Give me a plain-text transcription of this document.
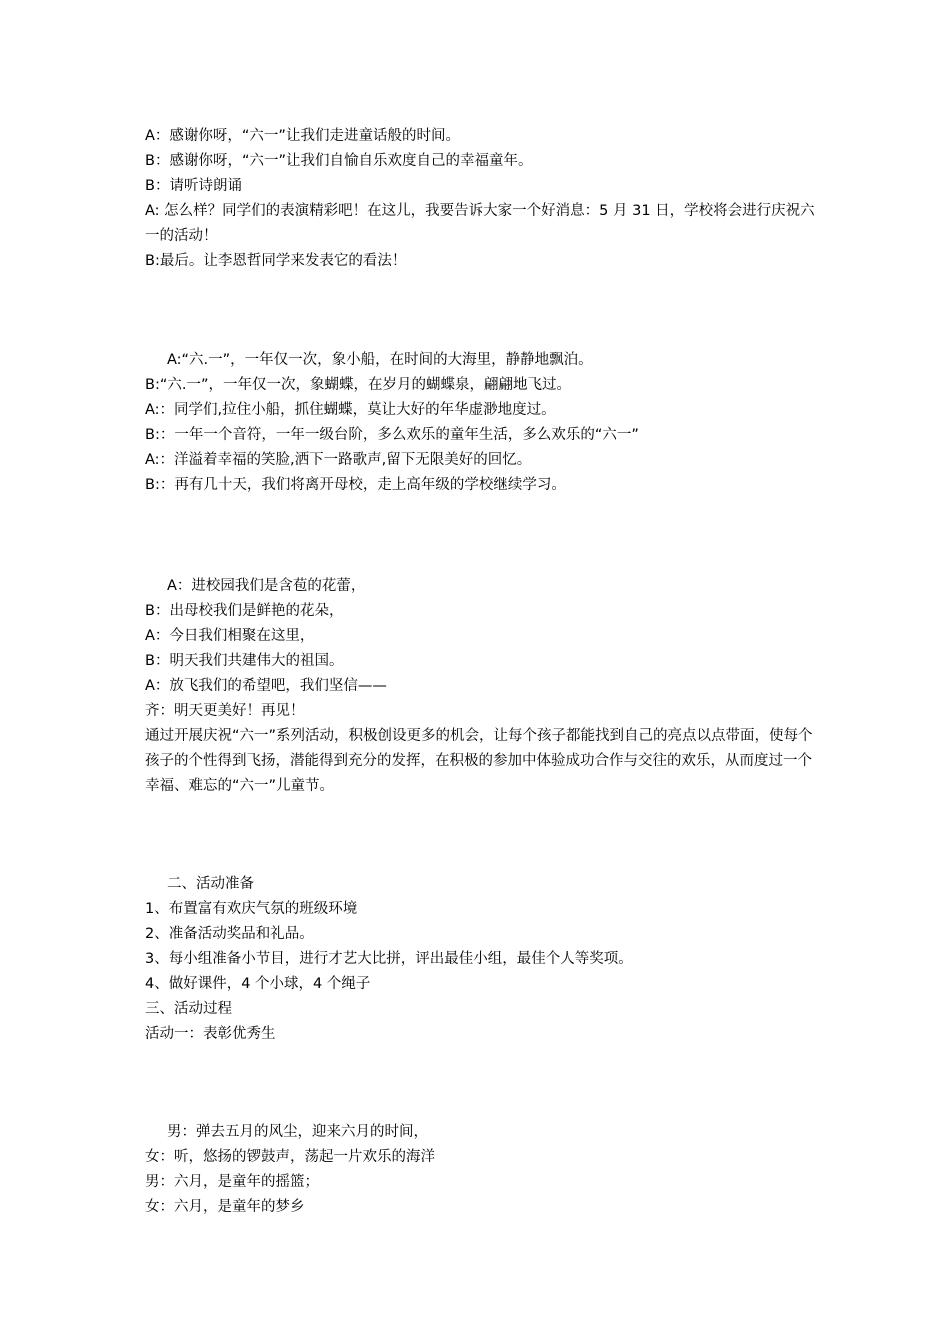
A：感谢你呀，“六一”让我们走进童话般的时间。
B：感谢你呀，“六一”让我们自愉自乐欢度自己的幸福童年。
B：请听诗朗诵
A: 怎么样？同学们的表演精彩吧！在这儿，我要告诉大家一个好消息：5 月 31 日，学校将会进行庆祝六一的活动！
B:最后。让李恩哲同学来发表它的看法！
A:“六.一”，一年仅一次，象小船，在时间的大海里，静静地飘泊。
B:“六.一”，一年仅一次，象蝴蝶，在岁月的蝴蝶泉，翩翩地飞过。
A:：同学们,拉住小船，抓住蝴蝶，莫让大好的年华虚渺地度过。
B:：一年一个音符，一年一级台阶，多么欢乐的童年生活，多么欢乐的“六一”
A:：洋溢着幸福的笑脸,洒下一路歌声,留下无限美好的回忆。
B:：再有几十天，我们将离开母校，走上高年级的学校继续学习。
A：进校园我们是含苞的花蕾，
B：出母校我们是鲜艳的花朵，
A：今日我们相聚在这里，
B：明天我们共建伟大的祖国。
A：放飞我们的希望吧，我们坚信——
齐：明天更美好！再见！
通过开展庆祝“六一”系列活动，积极创设更多的机会，让每个孩子都能找到自己的亮点以点带面，使每个孩子的个性得到飞扬，潜能得到充分的发挥，在积极的参加中体验成功合作与交往的欢乐，从而度过一个幸福、难忘的“六一”儿童节。
二、活动准备
1、布置富有欢庆气氛的班级环境
2、准备活动奖品和礼品。
3、每小组准备小节目，进行才艺大比拼，评出最佳小组，最佳个人等奖项。
4、做好课件，4 个小球，4 个绳子
三、活动过程
活动一：表彰优秀生
男：弹去五月的风尘，迎来六月的时间，
女：听，悠扬的锣鼓声，荡起一片欢乐的海洋
男：六月，是童年的摇篮；
女：六月，是童年的梦乡
